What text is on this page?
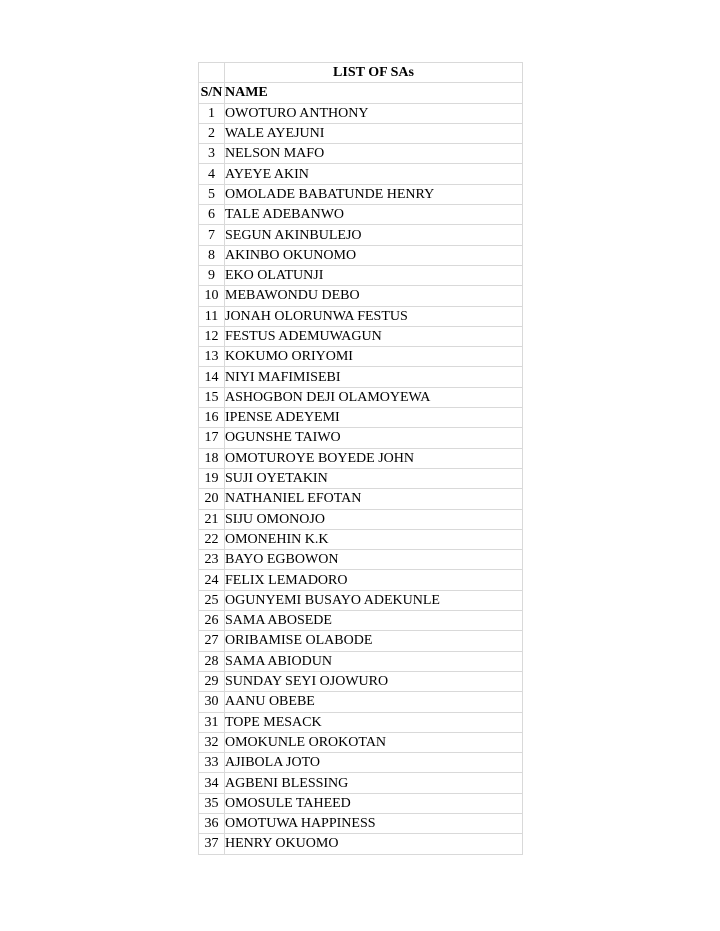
	LIST OF SAs
S/N	NAME
1	OWOTURO ANTHONY
2	WALE AYEJUNI
3	NELSON MAFO
4	AYEYE AKIN
5	OMOLADE BABATUNDE HENRY
6	TALE ADEBANWO
7	SEGUN AKINBULEJO
8	AKINBO OKUNOMO
9	EKO OLATUNJI
10	MEBAWONDU DEBO
11	JONAH OLORUNWA FESTUS
12	FESTUS ADEMUWAGUN
13	KOKUMO ORIYOMI
14	NIYI MAFIMISEBI
15	ASHOGBON DEJI OLAMOYEWA
16	IPENSE ADEYEMI
17	OGUNSHE TAIWO
18	OMOTUROYE BOYEDE JOHN
19	SUJI OYETAKIN
20	NATHANIEL EFOTAN
21	SIJU OMONOJO
22	OMONEHIN K.K
23	BAYO EGBOWON
24	FELIX LEMADORO
25	OGUNYEMI BUSAYO ADEKUNLE
26	SAMA ABOSEDE
27	ORIBAMISE OLABODE
28	SAMA ABIODUN
29	SUNDAY SEYI OJOWURO
30	AANU OBEBE
31	TOPE MESACK
32	OMOKUNLE OROKOTAN
33	AJIBOLA JOTO
34	AGBENI BLESSING
35	OMOSULE TAHEED
36	OMOTUWA HAPPINESS
37	HENRY OKUOMO
